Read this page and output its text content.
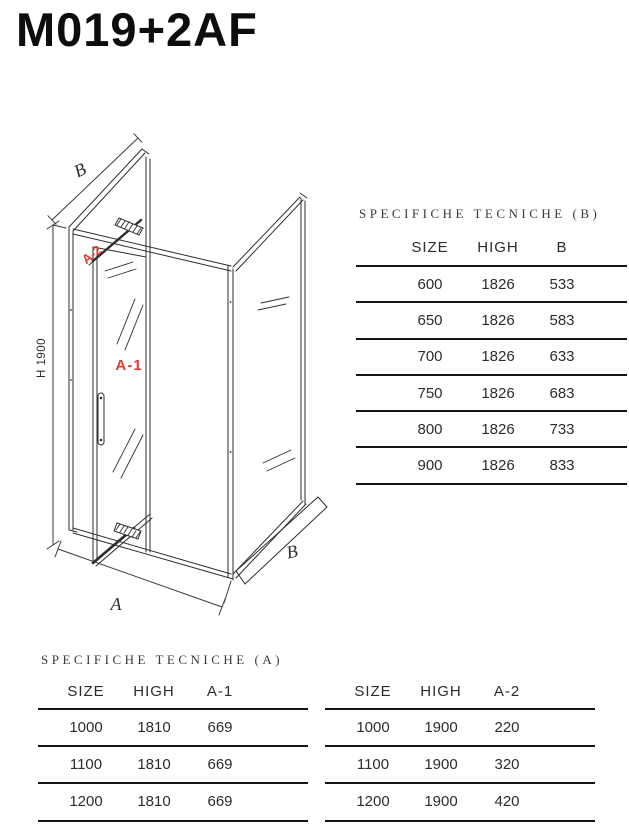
M019+2AF
B
H 1900
A-2
A-1
A
B
SPECIFICHE TECNICHE (B)
SIZE	HIGH	B
600	1826	533
650	1826	583
700	1826	633
750	1826	683
800	1826	733
900	1826	833
SPECIFICHE TECNICHE (A)
SIZE	HIGH	A-1
1000	1810	669
1100	1810	669
1200	1810	669
SIZE	HIGH	A-2
1000	1900	220
1100	1900	320
1200	1900	420
